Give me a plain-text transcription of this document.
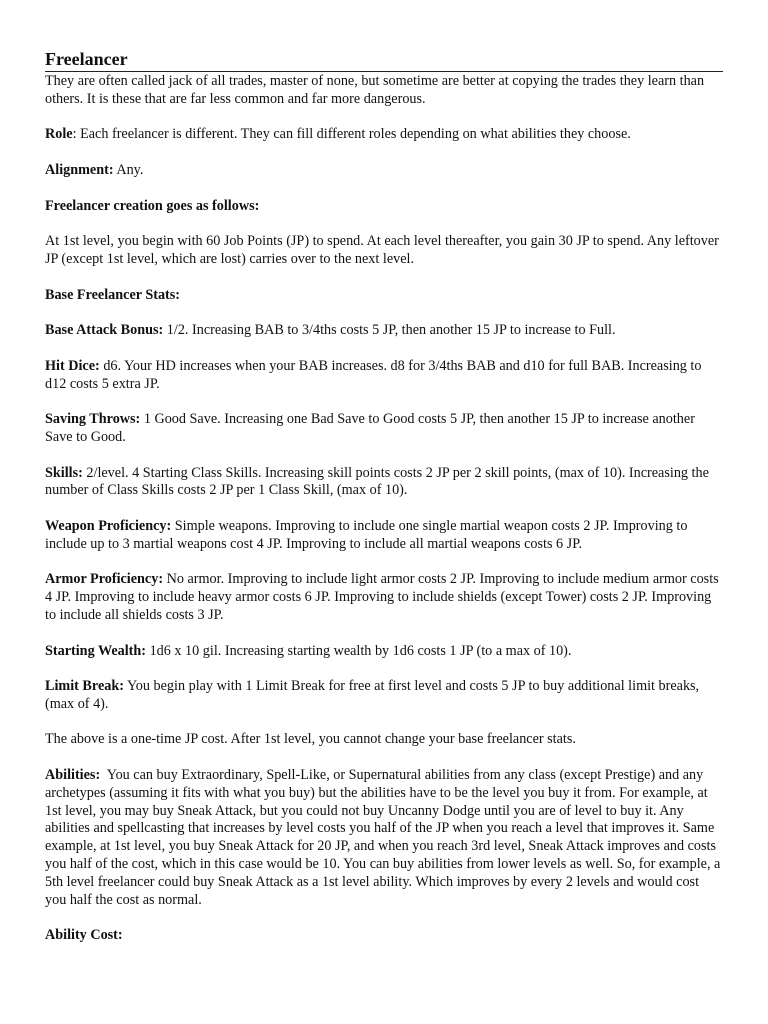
Freelancer

They are often called jack of all trades, master of none, but sometime are better at copying the trades they learn than others. It is these that are far less common and far more dangerous.

Role: Each freelancer is different. They can fill different roles depending on what abilities they choose.

Alignment: Any.

Freelancer creation goes as follows:

At 1st level, you begin with 60 Job Points (JP) to spend. At each level thereafter, you gain 30 JP to spend. Any leftover JP (except 1st level, which are lost) carries over to the next level.

Base Freelancer Stats:

Base Attack Bonus: 1/2. Increasing BAB to 3/4ths costs 5 JP, then another 15 JP to increase to Full.

Hit Dice: d6. Your HD increases when your BAB increases. d8 for 3/4ths BAB and d10 for full BAB. Increasing to d12 costs 5 extra JP.

Saving Throws: 1 Good Save. Increasing one Bad Save to Good costs 5 JP, then another 15 JP to increase another Save to Good.

Skills: 2/level. 4 Starting Class Skills. Increasing skill points costs 2 JP per 2 skill points, (max of 10). Increasing the number of Class Skills costs 2 JP per 1 Class Skill, (max of 10).

Weapon Proficiency: Simple weapons. Improving to include one single martial weapon costs 2 JP. Improving to include up to 3 martial weapons cost 4 JP. Improving to include all martial weapons costs 6 JP.

Armor Proficiency: No armor. Improving to include light armor costs 2 JP. Improving to include medium armor costs 4 JP. Improving to include heavy armor costs 6 JP. Improving to include shields (except Tower) costs 2 JP. Improving to include all shields costs 3 JP.

Starting Wealth: 1d6 x 10 gil. Increasing starting wealth by 1d6 costs 1 JP (to a max of 10).

Limit Break: You begin play with 1 Limit Break for free at first level and costs 5 JP to buy additional limit breaks, (max of 4).

The above is a one-time JP cost. After 1st level, you cannot change your base freelancer stats.

Abilities:  You can buy Extraordinary, Spell-Like, or Supernatural abilities from any class (except Prestige) and any archetypes (assuming it fits with what you buy) but the abilities have to be the level you buy it from. For example, at 1st level, you may buy Sneak Attack, but you could not buy Uncanny Dodge until you are of level to buy it. Any abilities and spellcasting that increases by level costs you half of the JP when you reach a level that improves it. Same example, at 1st level, you buy Sneak Attack for 20 JP, and when you reach 3rd level, Sneak Attack improves and costs you half of the cost, which in this case would be 10. You can buy abilities from lower levels as well. So, for example, a 5th level freelancer could buy Sneak Attack as a 1st level ability. Which improves by every 2 levels and would cost you half the cost as normal.

Ability Cost:
